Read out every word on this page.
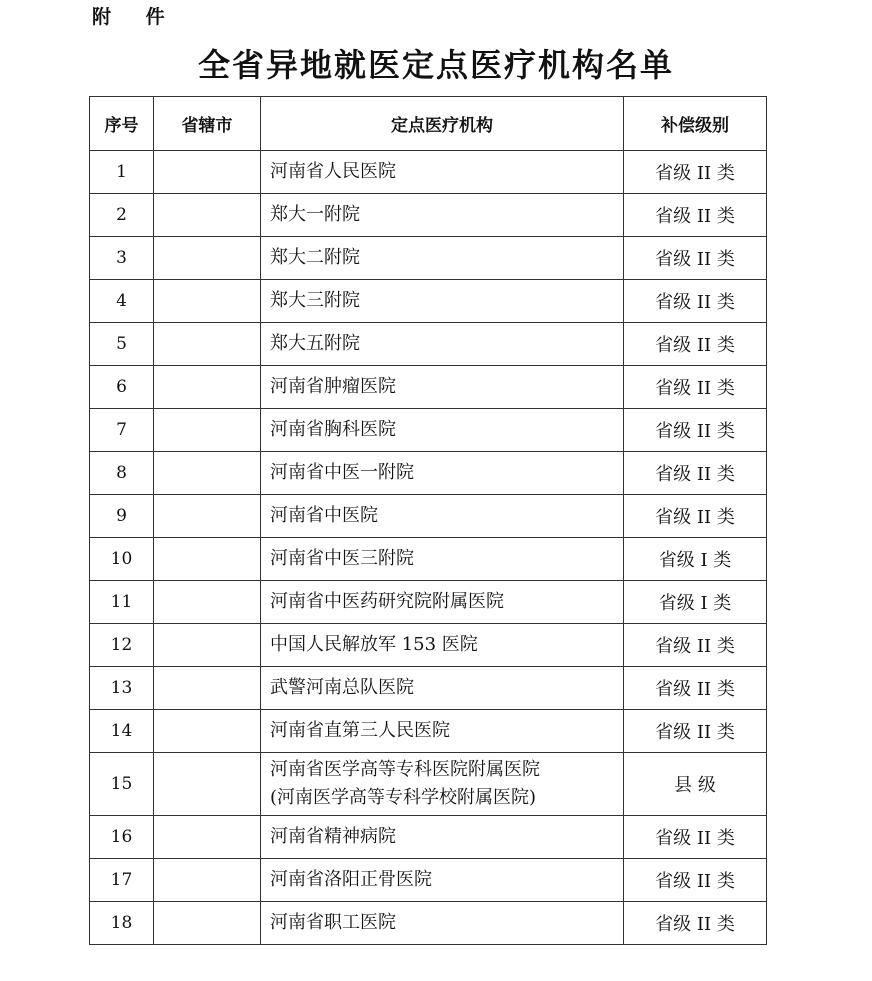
附 件
全省异地就医定点医疗机构名单
序号	省辖市	定点医疗机构	补偿级别
1		河南省人民医院	省级 II 类
2		郑大一附院	省级 II 类
3		郑大二附院	省级 II 类
4		郑大三附院	省级 II 类
5		郑大五附院	省级 II 类
6		河南省肿瘤医院	省级 II 类
7		河南省胸科医院	省级 II 类
8		河南省中医一附院	省级 II 类
9		河南省中医院	省级 II 类
10		河南省中医三附院	省级 I 类
11		河南省中医药研究院附属医院	省级 I 类
12		中国人民解放军 153 医院	省级 II 类
13		武警河南总队医院	省级 II 类
14		河南省直第三人民医院	省级 II 类
15		河南省医学高等专科医院附属医院
(河南医学高等专科学校附属医院)	县 级
16		河南省精神病院	省级 II 类
17		河南省洛阳正骨医院	省级 II 类
18		河南省职工医院	省级 II 类
